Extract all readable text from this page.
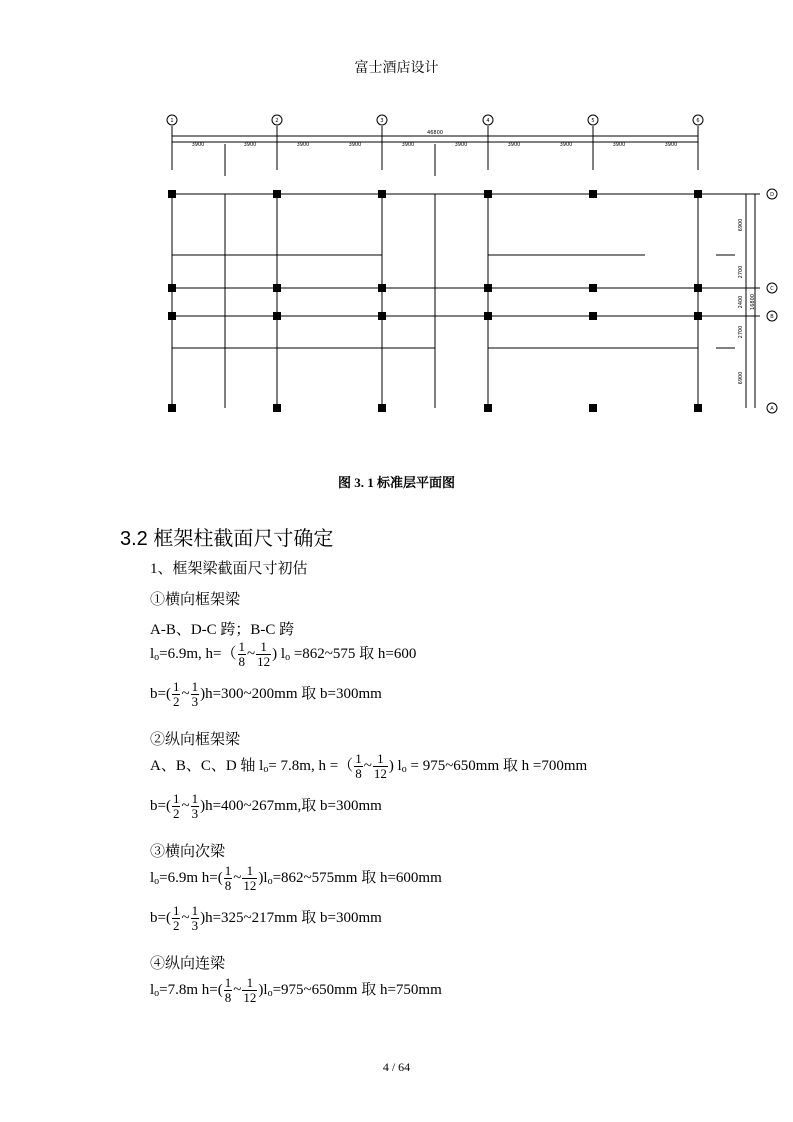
富士酒店设计
1	2	3	4	5	6
D
C
B
A
46800
3900	3900	3900	3900	3900	3900	3900	3900	3900	3900
6900
2700
2400
2700
6900
16800
图 3. 1 标准层平面图
3.2 框架柱截面尺寸确定
1、框架梁截面尺寸初估
①横向框架梁
A-B、D-C 跨；B-C 跨
$l_o=6.9m$, $h=( \frac{1}{8}$ ~ $\frac{1}{12}$ ) $l_o$ =862~575 取 h=600
$b=( \frac{1}{2}$ ~ $\frac{1}{3}$ )h=300~200mm 取 b=300mm
②纵向框架梁
A、B、C、D 轴 $l_o= 7.8m$, h =（ $\frac{1}{8}$ ~ $\frac{1}{12}$ ) $l_o$ = 975~650mm 取 h =700mm
$b=( \frac{1}{2}$ ~ $\frac{1}{3}$ )h=400~267mm,取 b=300mm
③横向次梁
$l_o=6.9m$ $h=( \frac{1}{8}$ ~ $\frac{1}{12}$ )$l_o=862\sim 575mm$ 取 h=600mm
$b=( \frac{1}{2}$ ~ $\frac{1}{3}$ )h=325~217mm 取 b=300mm
④纵向连梁
$l_o=7.8m$ $h=( \frac{1}{8}$ ~ $\frac{1}{12}$ )$l_o=975\sim 650mm$ 取 h=750mm
4 / 64
